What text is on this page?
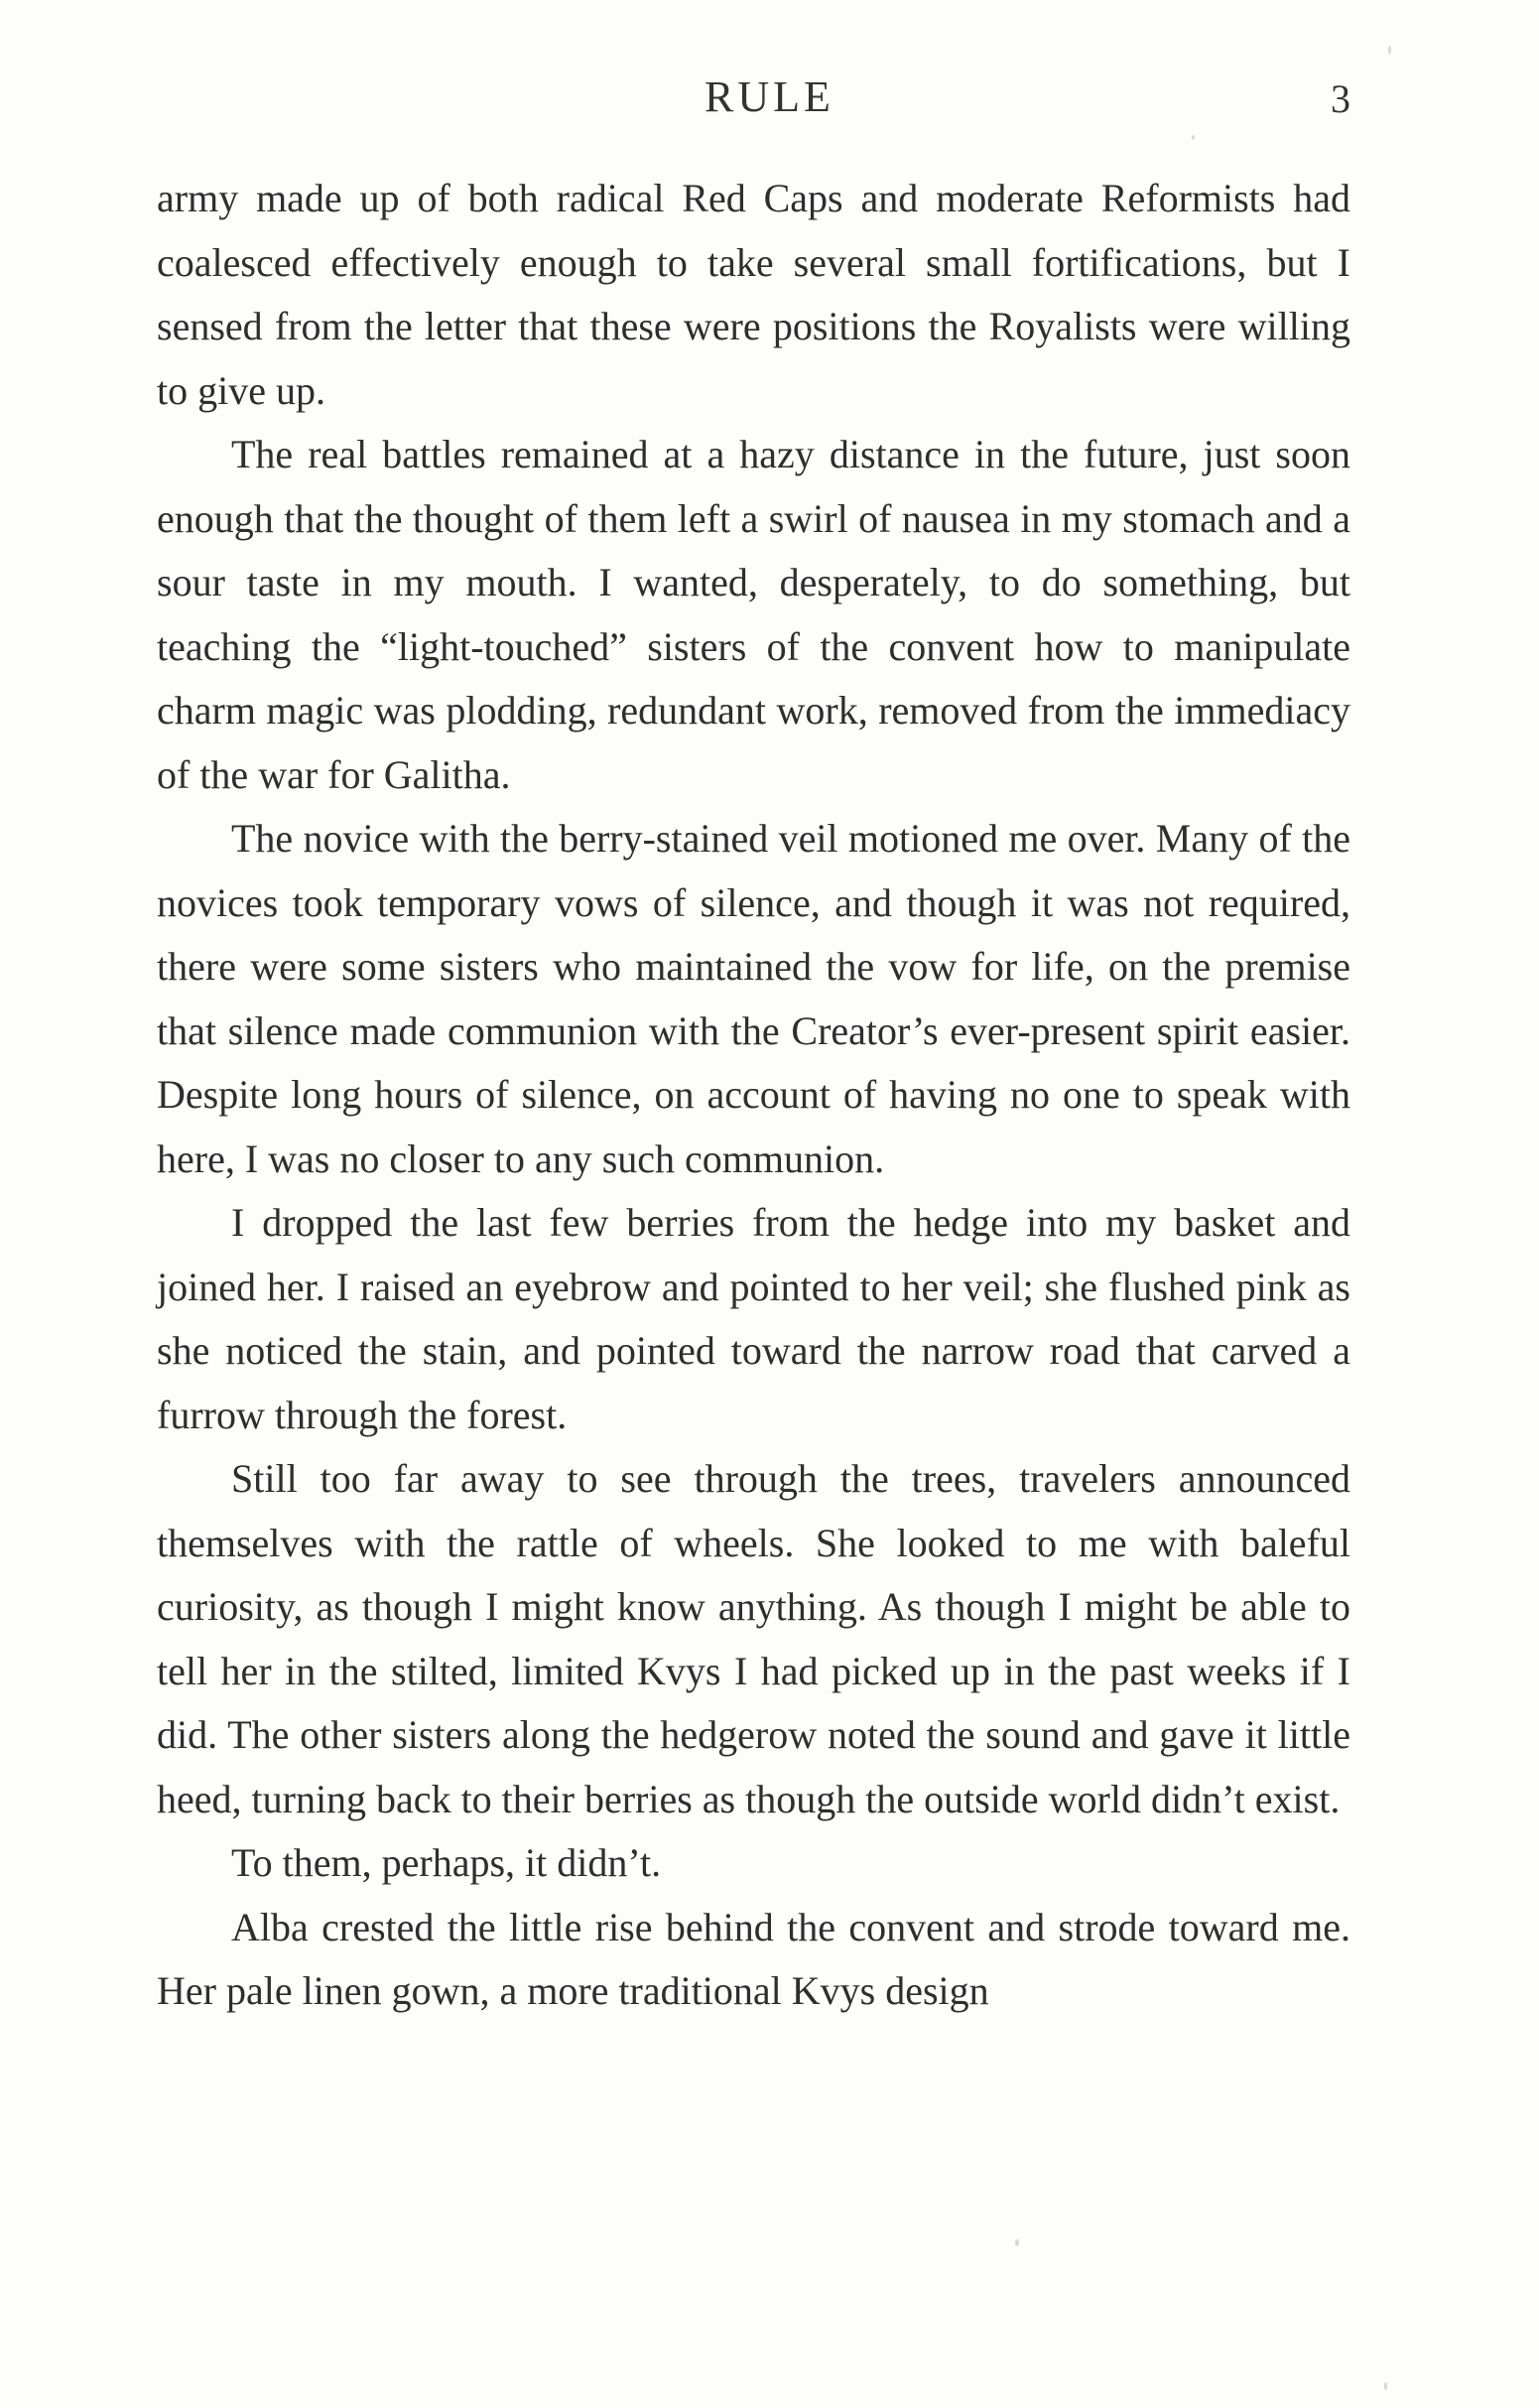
RULE	3

army made up of both radical Red Caps and moderate Reformists had coalesced effectively enough to take several small fortifications, but I sensed from the letter that these were positions the Royalists were willing to give up.

The real battles remained at a hazy distance in the future, just soon enough that the thought of them left a swirl of nausea in my stomach and a sour taste in my mouth. I wanted, desperately, to do something, but teaching the “light-touched” sisters of the convent how to manipulate charm magic was plodding, redundant work, removed from the immediacy of the war for Galitha.

The novice with the berry-stained veil motioned me over. Many of the novices took temporary vows of silence, and though it was not required, there were some sisters who maintained the vow for life, on the premise that silence made communion with the Creator’s ever-present spirit easier. Despite long hours of silence, on account of having no one to speak with here, I was no closer to any such communion.

I dropped the last few berries from the hedge into my basket and joined her. I raised an eyebrow and pointed to her veil; she flushed pink as she noticed the stain, and pointed toward the narrow road that carved a furrow through the forest.

Still too far away to see through the trees, travelers announced themselves with the rattle of wheels. She looked to me with baleful curiosity, as though I might know anything. As though I might be able to tell her in the stilted, limited Kvys I had picked up in the past weeks if I did. The other sisters along the hedgerow noted the sound and gave it little heed, turning back to their berries as though the outside world didn’t exist.

To them, perhaps, it didn’t.

Alba crested the little rise behind the convent and strode toward me. Her pale linen gown, a more traditional Kvys design
